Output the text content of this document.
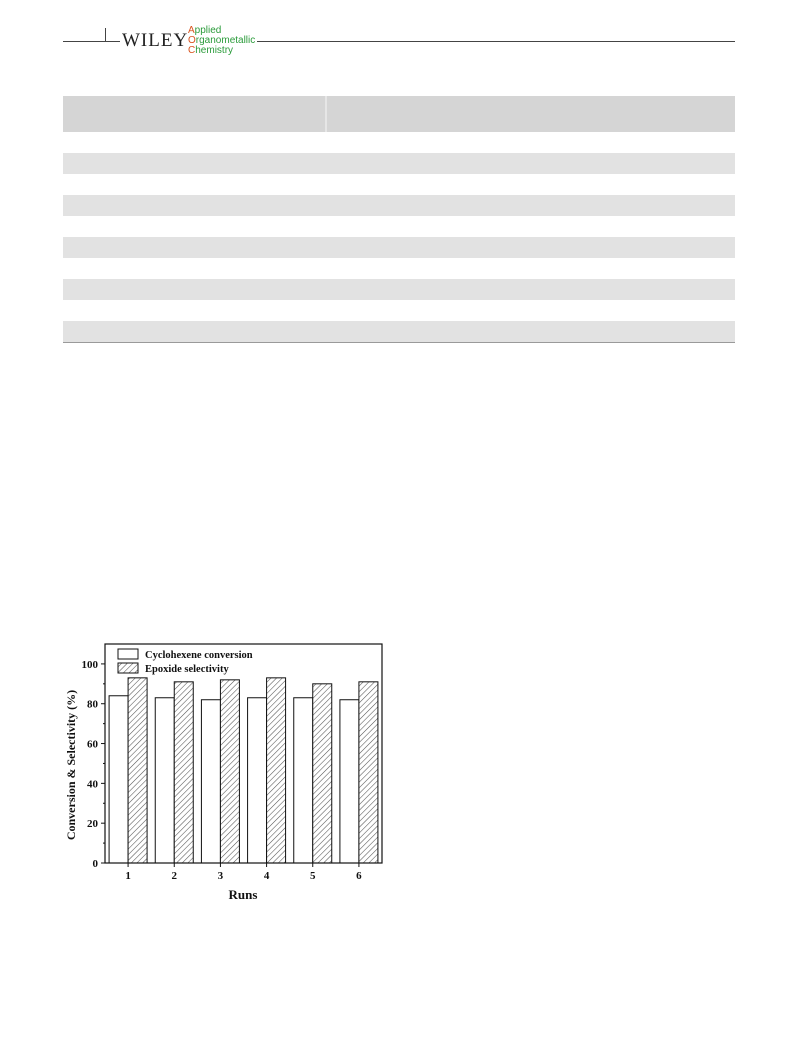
WILEY Applied
Organometallic
Chemistry
1	2	3	4	5	6
0
20
40
60
80
100
Runs
Conversion & Selectivity (%)
Cyclohexene conversion
Epoxide selectivity
